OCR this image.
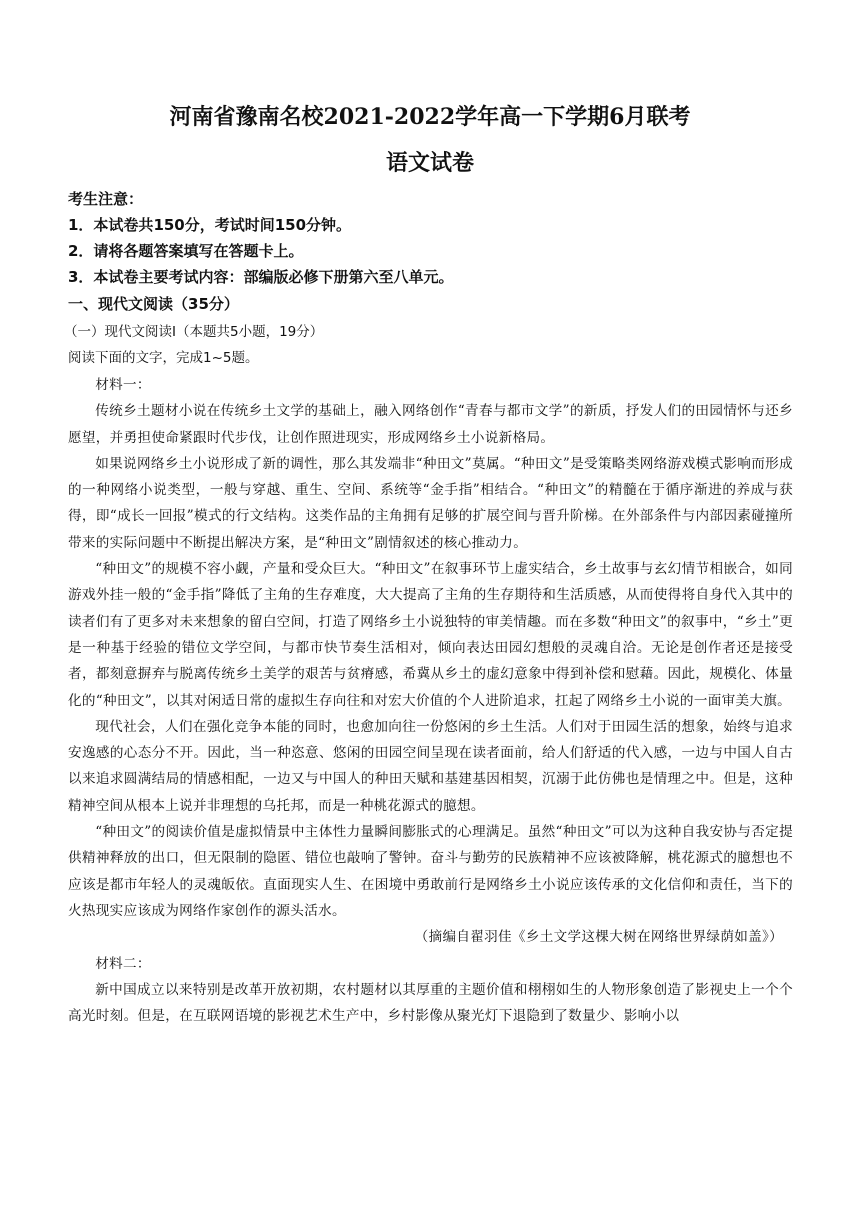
河南省豫南名校2021-2022学年高一下学期6月联考
语文试卷
考生注意：
1．本试卷共150分，考试时间150分钟。
2．请将各题答案填写在答题卡上。
3．本试卷主要考试内容：部编版必修下册第六至八单元。
一、现代文阅读（35分）
（一）现代文阅读Ⅰ（本题共5小题，19分）
阅读下面的文字，完成1~5题。

材料一：

传统乡土题材小说在传统乡土文学的基础上，融入网络创作“青春与都市文学”的新质，抒发人们的田园情怀与还乡愿望，并勇担使命紧跟时代步伐，让创作照进现实，形成网络乡土小说新格局。

如果说网络乡土小说形成了新的调性，那么其发端非“种田文”莫属。“种田文”是受策略类网络游戏模式影响而形成的一种网络小说类型，一般与穿越、重生、空间、系统等“金手指”相结合。“种田文”的精髓在于循序渐进的养成与获得，即“成长一回报”模式的行文结构。这类作品的主角拥有足够的扩展空间与晋升阶梯。在外部条件与内部因素碰撞所带来的实际问题中不断提出解决方案，是“种田文”剧情叙述的核心推动力。

“种田文”的规模不容小觑，产量和受众巨大。“种田文”在叙事环节上虚实结合，乡土故事与玄幻情节相嵌合，如同游戏外挂一般的“金手指”降低了主角的生存难度，大大提高了主角的生存期待和生活质感，从而使得将自身代入其中的读者们有了更多对未来想象的留白空间，打造了网络乡土小说独特的审美情趣。而在多数“种田文”的叙事中，“乡土”更是一种基于经验的错位文学空间，与都市快节奏生活相对，倾向表达田园幻想般的灵魂自洽。无论是创作者还是接受者，都刻意摒弃与脱离传统乡土美学的艰苦与贫瘠感，希冀从乡土的虚幻意象中得到补偿和慰藉。因此，规模化、体量化的“种田文”，以其对闲适日常的虚拟生存向往和对宏大价值的个人进阶追求，扛起了网络乡土小说的一面审美大旗。

现代社会，人们在强化竞争本能的同时，也愈加向往一份悠闲的乡土生活。人们对于田园生活的想象，始终与追求安逸感的心态分不开。因此，当一种恣意、悠闲的田园空间呈现在读者面前，给人们舒适的代入感，一边与中国人自古以来追求圆满结局的情感相配，一边又与中国人的种田天赋和基建基因相契，沉溺于此仿佛也是情理之中。但是，这种精神空间从根本上说并非理想的乌托邦，而是一种桃花源式的臆想。

“种田文”的阅读价值是虚拟情景中主体性力量瞬间膨胀式的心理满足。虽然“种田文”可以为这种自我安协与否定提供精神释放的出口，但无限制的隐匿、错位也敲响了警钟。奋斗与勤劳的民族精神不应该被降解，桃花源式的臆想也不应该是都市年轻人的灵魂皈依。直面现实人生、在困境中勇敢前行是网络乡土小说应该传承的文化信仰和责任，当下的火热现实应该成为网络作家创作的源头活水。

（摘编自翟羽佳《乡土文学这棵大树在网络世界绿荫如盖》）

材料二：

新中国成立以来特别是改革开放初期，农村题材以其厚重的主题价值和栩栩如生的人物形象创造了影视史上一个个高光时刻。但是，在互联网语境的影视艺术生产中，乡村影像从聚光灯下退隐到了数量少、影响小以
